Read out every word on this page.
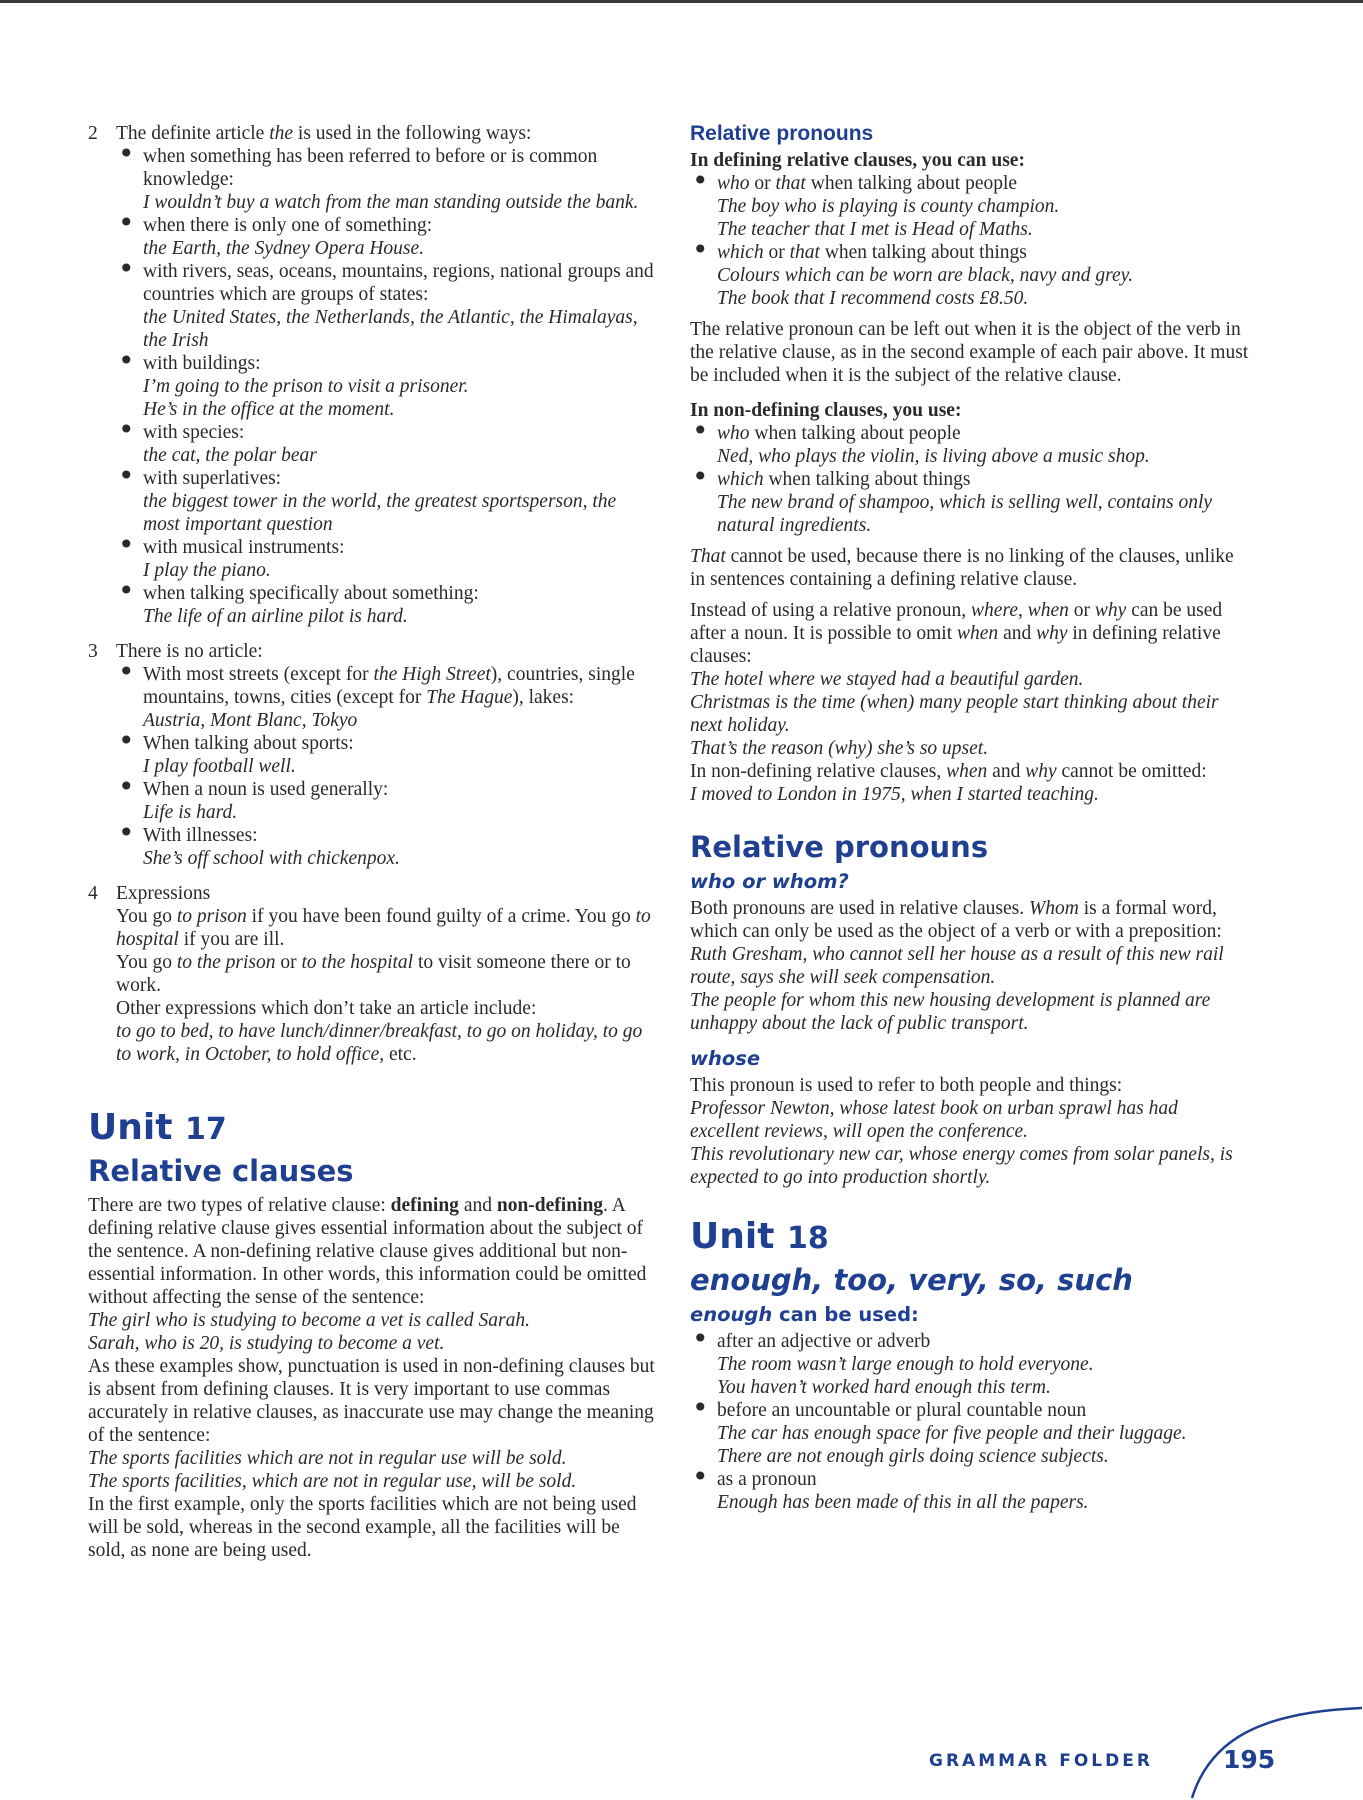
2 The definite article the is used in the following ways:
• when something has been referred to before or is common knowledge:
I wouldn’t buy a watch from the man standing outside the bank.
• when there is only one of something:
the Earth, the Sydney Opera House.
• with rivers, seas, oceans, mountains, regions, national groups and countries which are groups of states:
the United States, the Netherlands, the Atlantic, the Himalayas, the Irish
• with buildings:
I’m going to the prison to visit a prisoner.
He’s in the office at the moment.
• with species:
the cat, the polar bear
• with superlatives:
the biggest tower in the world, the greatest sportsperson, the most important question
• with musical instruments:
I play the piano.
• when talking specifically about something:
The life of an airline pilot is hard.
3 There is no article:
• With most streets (except for the High Street), countries, single mountains, towns, cities (except for The Hague), lakes:
Austria, Mont Blanc, Tokyo
• When talking about sports:
I play football well.
• When a noun is used generally:
Life is hard.
• With illnesses:
She’s off school with chickenpox.
4 Expressions
You go to prison if you have been found guilty of a crime. You go to hospital if you are ill.
You go to the prison or to the hospital to visit someone there or to work.
Other expressions which don’t take an article include:
to go to bed, to have lunch/dinner/breakfast, to go on holiday, to go to work, in October, to hold office, etc.
Unit 17
Relative clauses
There are two types of relative clause: defining and non-defining. A defining relative clause gives essential information about the subject of the sentence. A non-defining relative clause gives additional but non-essential information. In other words, this information could be omitted without affecting the sense of the sentence:
The girl who is studying to become a vet is called Sarah.
Sarah, who is 20, is studying to become a vet.
As these examples show, punctuation is used in non-defining clauses but is absent from defining clauses. It is very important to use commas accurately in relative clauses, as inaccurate use may change the meaning of the sentence:
The sports facilities which are not in regular use will be sold.
The sports facilities, which are not in regular use, will be sold.
In the first example, only the sports facilities which are not being used will be sold, whereas in the second example, all the facilities will be sold, as none are being used.
Relative pronouns
In defining relative clauses, you can use:
• who or that when talking about people
The boy who is playing is county champion.
The teacher that I met is Head of Maths.
• which or that when talking about things
Colours which can be worn are black, navy and grey.
The book that I recommend costs £8.50.
The relative pronoun can be left out when it is the object of the verb in the relative clause, as in the second example of each pair above. It must be included when it is the subject of the relative clause.
In non-defining clauses, you use:
• who when talking about people
Ned, who plays the violin, is living above a music shop.
• which when talking about things
The new brand of shampoo, which is selling well, contains only natural ingredients.
That cannot be used, because there is no linking of the clauses, unlike in sentences containing a defining relative clause.
Instead of using a relative pronoun, where, when or why can be used after a noun. It is possible to omit when and why in defining relative clauses:
The hotel where we stayed had a beautiful garden.
Christmas is the time (when) many people start thinking about their next holiday.
That’s the reason (why) she’s so upset.
In non-defining relative clauses, when and why cannot be omitted:
I moved to London in 1975, when I started teaching.
Relative pronouns
who or whom?
Both pronouns are used in relative clauses. Whom is a formal word, which can only be used as the object of a verb or with a preposition:
Ruth Gresham, who cannot sell her house as a result of this new rail route, says she will seek compensation.
The people for whom this new housing development is planned are unhappy about the lack of public transport.
whose
This pronoun is used to refer to both people and things:
Professor Newton, whose latest book on urban sprawl has had excellent reviews, will open the conference.
This revolutionary new car, whose energy comes from solar panels, is expected to go into production shortly.
Unit 18
enough, too, very, so, such
enough can be used:
• after an adjective or adverb
The room wasn’t large enough to hold everyone.
You haven’t worked hard enough this term.
• before an uncountable or plural countable noun
The car has enough space for five people and their luggage.
There are not enough girls doing science subjects.
• as a pronoun
Enough has been made of this in all the papers.
GRAMMAR FOLDER	195
